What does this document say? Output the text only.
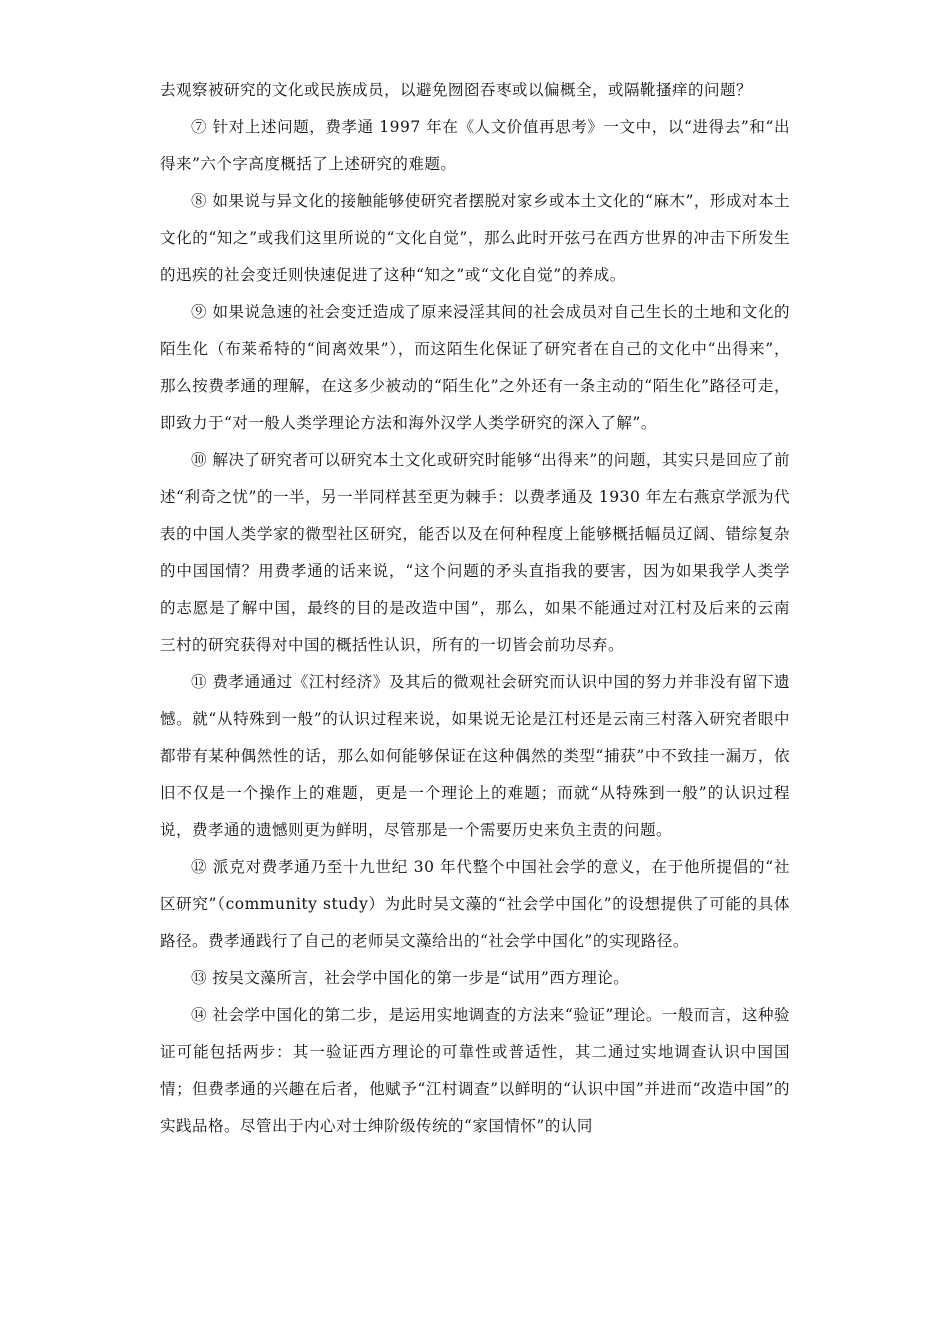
去观察被研究的文化或民族成员，以避免囫囵吞枣或以偏概全，或隔靴搔痒的问题？

⑦ 针对上述问题，费孝通 1997 年在《人文价值再思考》一文中，以“进得去”和“出得来”六个字高度概括了上述研究的难题。

⑧ 如果说与异文化的接触能够使研究者摆脱对家乡或本土文化的“麻木”，形成对本土文化的“知之”或我们这里所说的“文化自觉”，那么此时开弦弓在西方世界的冲击下所发生的迅疾的社会变迁则快速促进了这种“知之”或“文化自觉”的养成。

⑨ 如果说急速的社会变迁造成了原来浸淫其间的社会成员对自己生长的土地和文化的陌生化（布莱希特的“间离效果”），而这陌生化保证了研究者在自己的文化中“出得来”，那么按费孝通的理解，在这多少被动的“陌生化”之外还有一条主动的“陌生化”路径可走，即致力于“对一般人类学理论方法和海外汉学人类学研究的深入了解”。

⑩ 解决了研究者可以研究本土文化或研究时能够“出得来”的问题，其实只是回应了前述“利奇之忧”的一半，另一半同样甚至更为棘手：以费孝通及 1930 年左右燕京学派为代表的中国人类学家的微型社区研究，能否以及在何种程度上能够概括幅员辽阔、错综复杂的中国国情？用费孝通的话来说，“这个问题的矛头直指我的要害，因为如果我学人类学的志愿是了解中国，最终的目的是改造中国”，那么，如果不能通过对江村及后来的云南三村的研究获得对中国的概括性认识，所有的一切皆会前功尽弃。

⑪ 费孝通通过《江村经济》及其后的微观社会研究而认识中国的努力并非没有留下遗憾。就“从特殊到一般”的认识过程来说，如果说无论是江村还是云南三村落入研究者眼中都带有某种偶然性的话，那么如何能够保证在这种偶然的类型“捕获”中不致挂一漏万，依旧不仅是一个操作上的难题，更是一个理论上的难题；而就“从特殊到一般”的认识过程说，费孝通的遗憾则更为鲜明，尽管那是一个需要历史来负主责的问题。

⑫ 派克对费孝通乃至十九世纪 30 年代整个中国社会学的意义，在于他所提倡的“社区研究”（community study）为此时吴文藻的“社会学中国化”的设想提供了可能的具体路径。费孝通践行了自己的老师吴文藻给出的“社会学中国化”的实现路径。

⑬ 按吴文藻所言，社会学中国化的第一步是“试用”西方理论。

⑭ 社会学中国化的第二步，是运用实地调查的方法来“验证”理论。一般而言，这种验证可能包括两步：其一验证西方理论的可靠性或普适性，其二通过实地调查认识中国国情；但费孝通的兴趣在后者，他赋予“江村调查”以鲜明的“认识中国”并进而“改造中国”的实践品格。尽管出于内心对士绅阶级传统的“家国情怀”的认同
